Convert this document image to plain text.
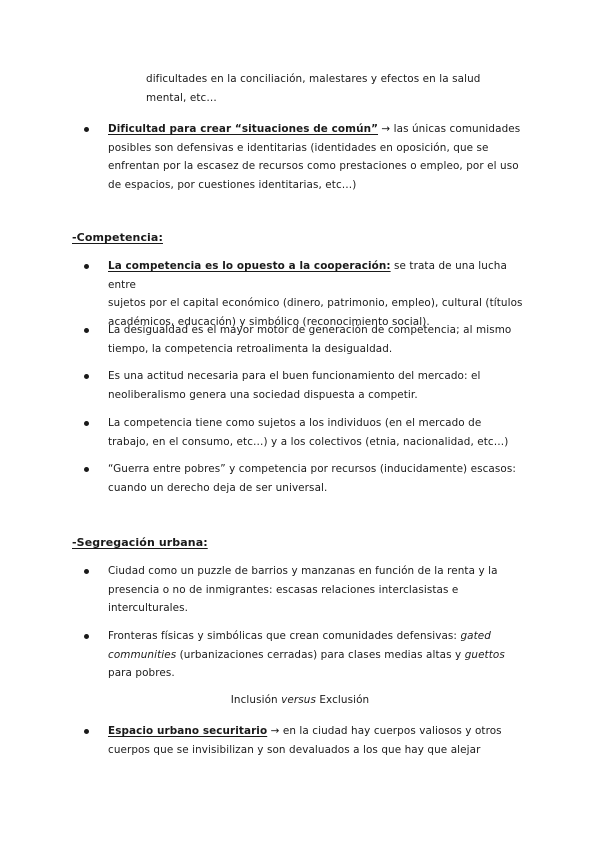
dificultades en la conciliación, malestares y efectos en la salud
mental, etc…
Dificultad para crear “situaciones de común” → las únicas comunidades
posibles son defensivas e identitarias (identidades en oposición, que se
enfrentan por la escasez de recursos como prestaciones o empleo, por el uso
de espacios, por cuestiones identitarias, etc…)
-Competencia:
La competencia es lo opuesto a la cooperación: se trata de una lucha entre
sujetos por el capital económico (dinero, patrimonio, empleo), cultural (títulos
académicos, educación) y simbólico (reconocimiento social).
La desigualdad es el mayor motor de generación de competencia; al mismo
tiempo, la competencia retroalimenta la desigualdad.
Es una actitud necesaria para el buen funcionamiento del mercado: el
neoliberalismo genera una sociedad dispuesta a competir.
La competencia tiene como sujetos a los individuos (en el mercado de
trabajo, en el consumo, etc…) y a los colectivos (etnia, nacionalidad, etc…)
“Guerra entre pobres” y competencia por recursos (inducidamente) escasos:
cuando un derecho deja de ser universal.
-Segregación urbana:
Ciudad como un puzzle de barrios y manzanas en función de la renta y la
presencia o no de inmigrantes: escasas relaciones interclasistas e
interculturales.
Fronteras físicas y simbólicas que crean comunidades defensivas: gated
communities (urbanizaciones cerradas) para clases medias altas y guettos
para pobres.
Inclusión versus Exclusión
Espacio urbano securitario → en la ciudad hay cuerpos valiosos y otros
cuerpos que se invisibilizan y son devaluados a los que hay que alejar
